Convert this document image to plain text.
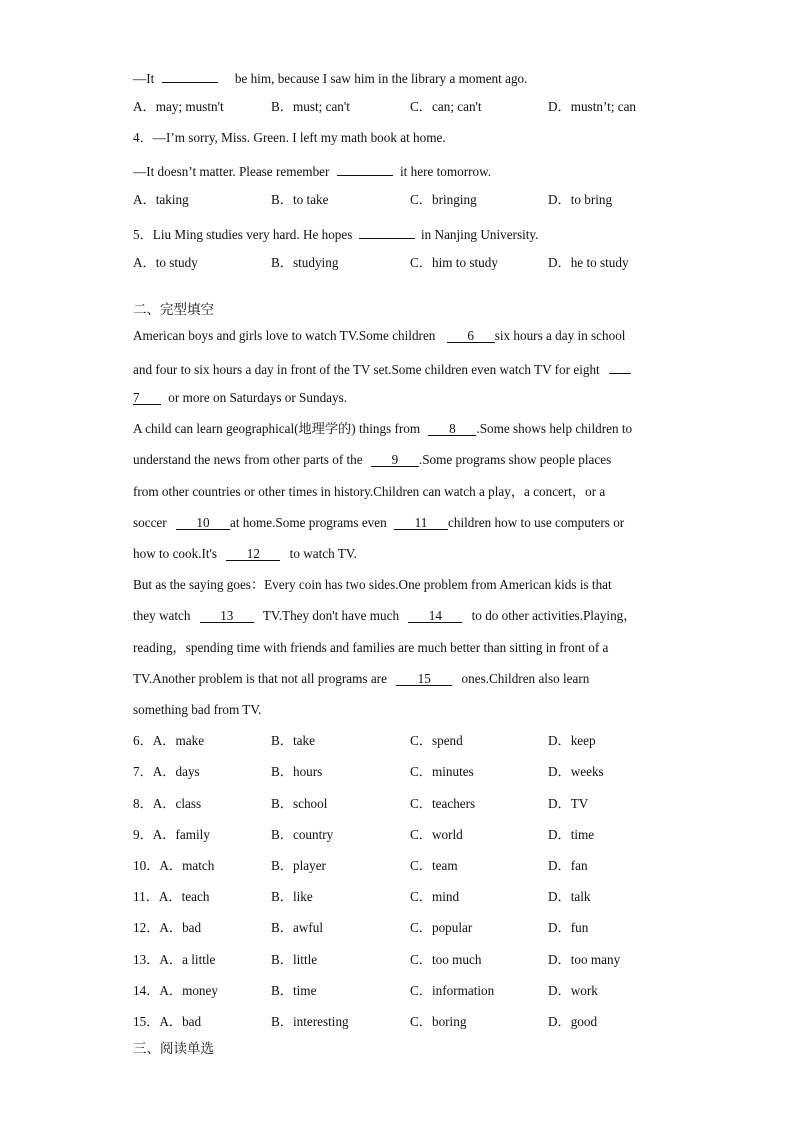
—It	be him, because I saw him in the library a moment ago.
A．may; mustn't	B．must; can't	C．can; can't	D．mustn’t; can
4．—I’m sorry, Miss. Green. I left my math book at home.
—It doesn’t matter. Please remember	it here tomorrow.
A．taking	B．to take	C．bringing	D．to bring
5．Liu Ming studies very hard. He hopes	in Nanjing University.
A．to study	B．studying	C．him to study	D．he to study
二、完型填空
American boys and girls love to watch TV.Some children 6 six hours a day in school
and four to six hours a day in front of the TV set.Some children even watch TV for eight
7 or more on Saturdays or Sundays.
A child can learn geographical(地理学的) things from 8 .Some shows help children to
understand the news from other parts of the 9 .Some programs show people places
from other countries or other times in history.Children can watch a play，a concert，or a
soccer 10 at home.Some programs even 11 children how to use computers or
how to cook.It's 12 to watch TV.
But as the saying goes：Every coin has two sides.One problem from American kids is that
they watch 13 TV.They don't have much 14 to do other activities.Playing，
reading，spending time with friends and families are much better than sitting in front of a
TV.Another problem is that not all programs are 15 ones.Children also learn
something bad from TV.
6．A．make	B．take	C．spend	D．keep
7．A．days	B．hours	C．minutes	D．weeks
8．A．class	B．school	C．teachers	D．TV
9．A．family	B．country	C．world	D．time
10．A．match	B．player	C．team	D．fan
11．A．teach	B．like	C．mind	D．talk
12．A．bad	B．awful	C．popular	D．fun
13．A．a little	B．little	C．too much	D．too many
14．A．money	B．time	C．information	D．work
15．A．bad	B．interesting	C．boring	D．good
三、阅读单选
